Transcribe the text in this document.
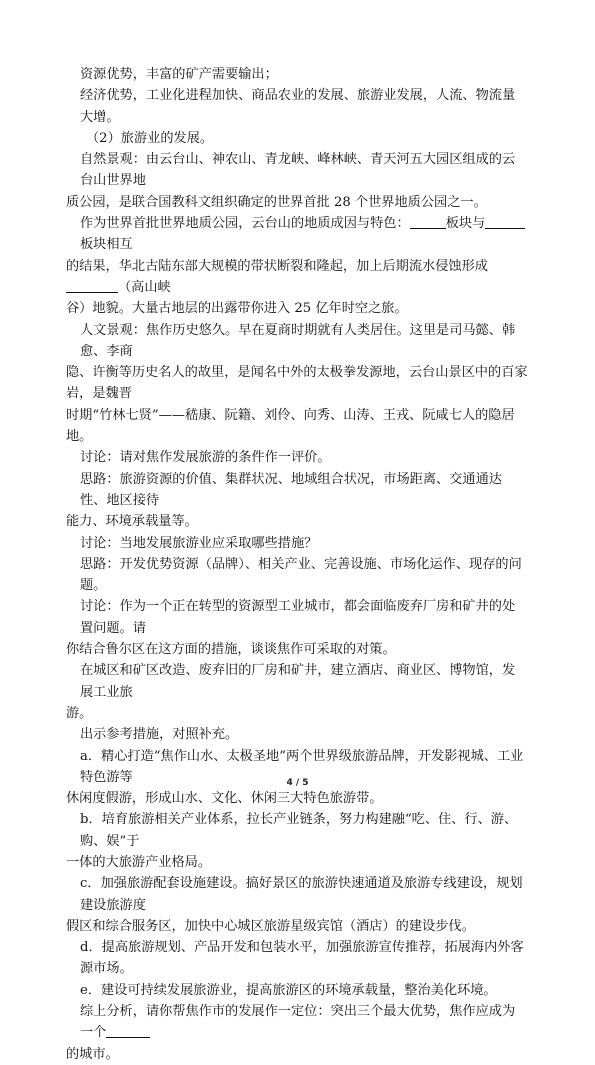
资源优势，丰富的矿产需要输出；

经济优势，工业化进程加快、商品农业的发展、旅游业发展，人流、物流量大增。

（2）旅游业的发展。

自然景观：由云台山、神农山、青龙峡、峰林峡、青天河五大园区组成的云台山世界地

质公园，是联合国教科文组织确定的世界首批 28 个世界地质公园之一。

作为世界首批世界地质公园，云台山的地质成因与特色：	板块与板块相互

的结果，华北古陆东部大规模的带状断裂和隆起，加上后期流水侵蚀形成（高山峡

谷）地貌。大量古地层的出露带你进入 25 亿年时空之旅。

人文景观：焦作历史悠久。早在夏商时期就有人类居住。这里是司马懿、韩愈、李商

隐、许衡等历史名人的故里，是闻名中外的太极拳发源地，云台山景区中的百家岩，是魏晋

时期“竹林七贤”——嵇康、阮籍、刘伶、向秀、山涛、王戎、阮咸七人的隐居地。

讨论：请对焦作发展旅游的条件作一评价。

思路：旅游资源的价值、集群状况、地域组合状况，市场距离、交通通达性、地区接待

能力、环境承载量等。

讨论：当地发展旅游业应采取哪些措施？

思路：开发优势资源（品牌）、相关产业、完善设施、市场化运作、现存的问题。

讨论：作为一个正在转型的资源型工业城市，都会面临废弃厂房和矿井的处置问题。请

你结合鲁尔区在这方面的措施，谈谈焦作可采取的对策。

在城区和矿区改造、废弃旧的厂房和矿井，建立酒店、商业区、博物馆，发展工业旅

游。

出示参考措施，对照补充。

a．精心打造“焦作山水、太极圣地”两个世界级旅游品牌，开发影视城、工业特色游等

休闲度假游，形成山水、文化、休闲三大特色旅游带。

b．培育旅游相关产业体系，拉长产业链条，努力构建融“吃、住、行、游、购、娱”于

一体的大旅游产业格局。

c．加强旅游配套设施建设。搞好景区的旅游快速通道及旅游专线建设，规划建设旅游度

假区和综合服务区，加快中心城区旅游星级宾馆（酒店）的建设步伐。

d．提高旅游规划、产品开发和包装水平，加强旅游宣传推荐，拓展海内外客源市场。

e．建设可持续发展旅游业，提高旅游区的环境承载量，整治美化环境。

综上分析，请你帮焦作市的发展作一定位：突出三个最大优势，焦作应成为一个

的城市。

4 / 5
